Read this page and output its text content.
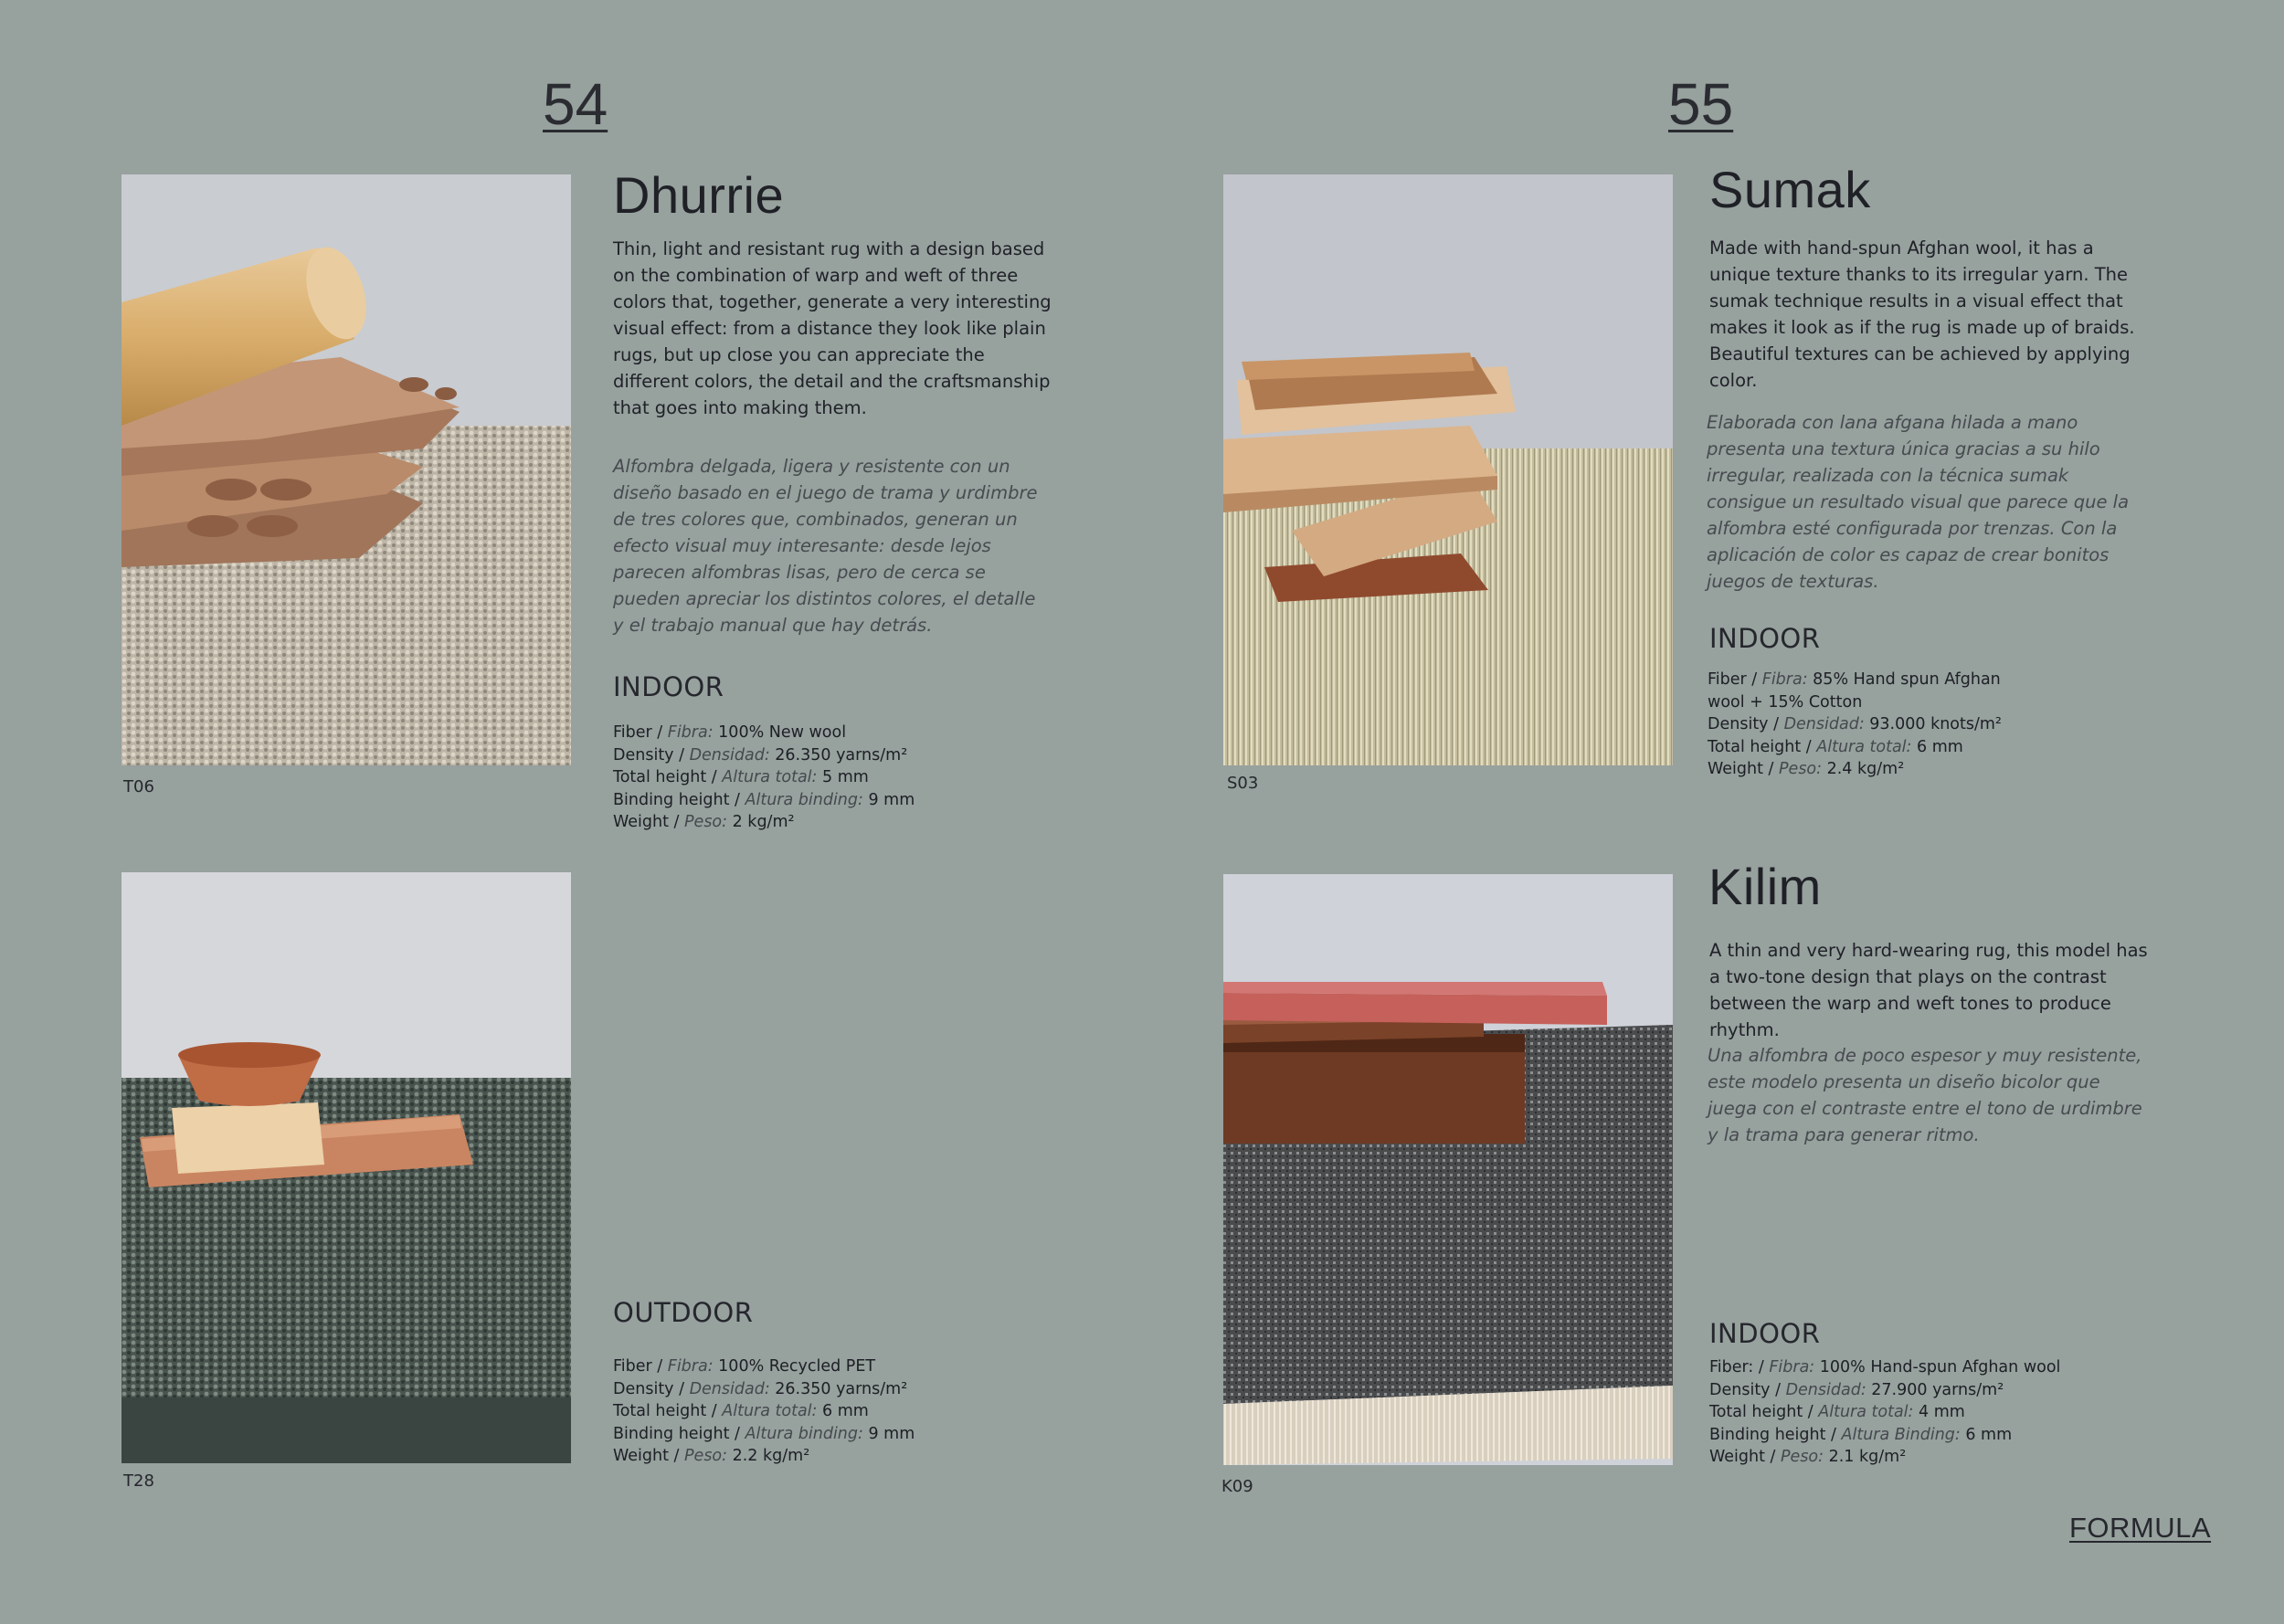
54
T06
Dhurrie
Thin, light and resistant rug with a design based on the combination of warp and weft of three colors that, together, generate a very interesting visual effect: from a distance they look like plain rugs, but up close you can appreciate the different colors, the detail and the craftsmanship that goes into making them.
Alfombra delgada, ligera y resistente con un diseño basado en el juego de trama y urdimbre de tres colores que, combinados, generan un efecto visual muy interesante: desde lejos parecen alfombras lisas, pero de cerca se pueden apreciar los distintos colores, el detalle y el trabajo manual que hay detrás.
INDOOR
Fiber / Fibra: 100% New wool
Density / Densidad: 26.350 yarns/m²
Total height / Altura total: 5 mm
Binding height / Altura binding: 9 mm
Weight / Peso: 2 kg/m²
T28
OUTDOOR
Fiber / Fibra: 100% Recycled PET
Density / Densidad: 26.350 yarns/m²
Total height / Altura total: 6 mm
Binding height / Altura binding: 9 mm
Weight / Peso: 2.2 kg/m²
55
S03
Sumak
Made with hand-spun Afghan wool, it has a unique texture thanks to its irregular yarn. The sumak technique results in a visual effect that makes it look as if the rug is made up of braids. Beautiful textures can be achieved by applying color.
Elaborada con lana afgana hilada a mano presenta una textura única gracias a su hilo irregular, realizada con la técnica sumak consigue un resultado visual que parece que la alfombra esté configurada por trenzas. Con la aplicación de color es capaz de crear bonitos juegos de texturas.
INDOOR
Fiber / Fibra: 85% Hand spun Afghan wool + 15% Cotton
Density / Densidad: 93.000 knots/m²
Total height / Altura total: 6 mm
Weight / Peso: 2.4 kg/m²
K09
Kilim
A thin and very hard-wearing rug, this model has a two-tone design that plays on the contrast between the warp and weft tones to produce rhythm.
Una alfombra de poco espesor y muy resistente, este modelo presenta un diseño bicolor que juega con el contraste entre el tono de urdimbre y la trama para generar ritmo.
INDOOR
Fiber: / Fibra: 100% Hand-spun Afghan wool
Density / Densidad: 27.900 yarns/m²
Total height / Altura total: 4 mm
Binding height / Altura Binding: 6 mm
Weight / Peso: 2.1 kg/m²
FORMULA
